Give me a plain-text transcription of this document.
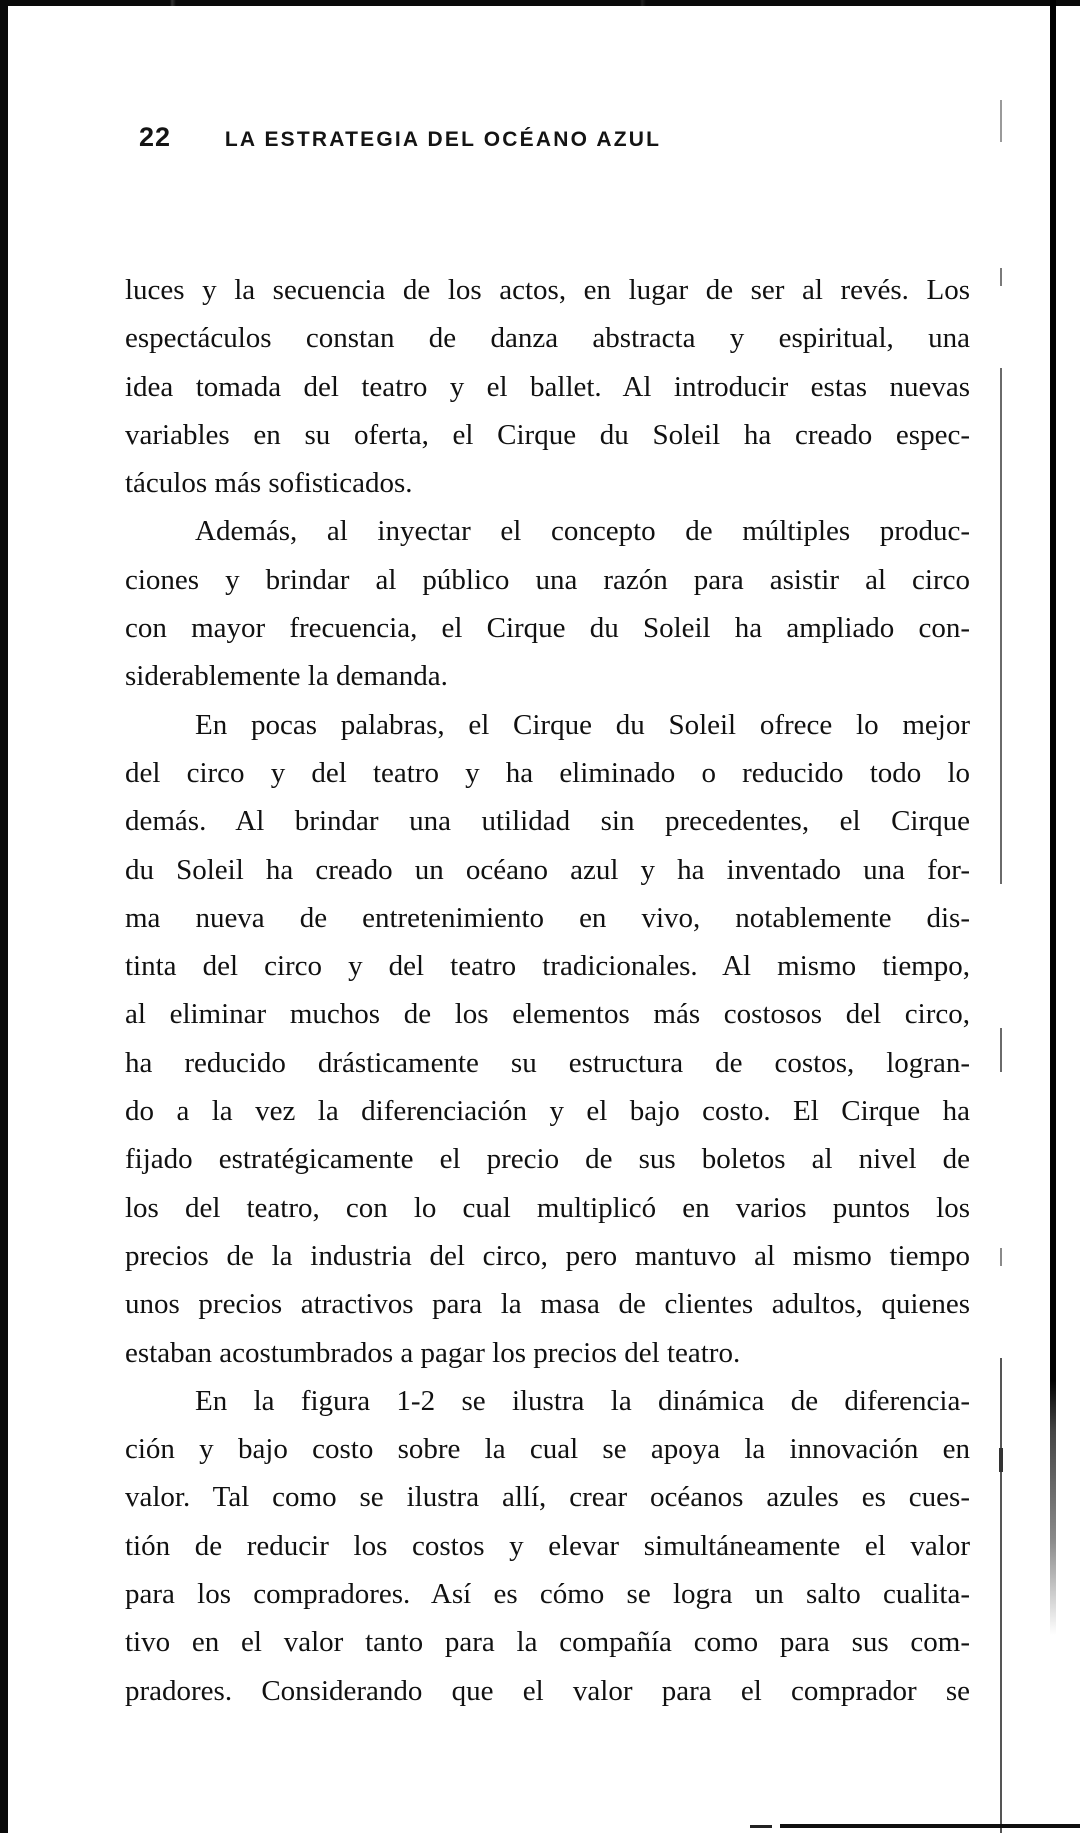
22	LA ESTRATEGIA DEL OCÉANO AZUL
luces y la secuencia de los actos, en lugar de ser al revés. Los
espectáculos constan de danza abstracta y espiritual, una
idea tomada del teatro y el ballet. Al introducir estas nuevas
variables en su oferta, el Cirque du Soleil ha creado espec-
táculos más sofisticados.
Además, al inyectar el concepto de múltiples produc-
ciones y brindar al público una razón para asistir al circo
con mayor frecuencia, el Cirque du Soleil ha ampliado con-
siderablemente la demanda.
En pocas palabras, el Cirque du Soleil ofrece lo mejor
del circo y del teatro y ha eliminado o reducido todo lo
demás. Al brindar una utilidad sin precedentes, el Cirque
du Soleil ha creado un océano azul y ha inventado una for-
ma nueva de entretenimiento en vivo, notablemente dis-
tinta del circo y del teatro tradicionales. Al mismo tiempo,
al eliminar muchos de los elementos más costosos del circo,
ha reducido drásticamente su estructura de costos, logran-
do a la vez la diferenciación y el bajo costo. El Cirque ha
fijado estratégicamente el precio de sus boletos al nivel de
los del teatro, con lo cual multiplicó en varios puntos los
precios de la industria del circo, pero mantuvo al mismo tiempo
unos precios atractivos para la masa de clientes adultos, quienes
estaban acostumbrados a pagar los precios del teatro.
En la figura 1-2 se ilustra la dinámica de diferencia-
ción y bajo costo sobre la cual se apoya la innovación en
valor. Tal como se ilustra allí, crear océanos azules es cues-
tión de reducir los costos y elevar simultáneamente el valor
para los compradores. Así es cómo se logra un salto cualita-
tivo en el valor tanto para la compañía como para sus com-
pradores. Considerando que el valor para el comprador se
